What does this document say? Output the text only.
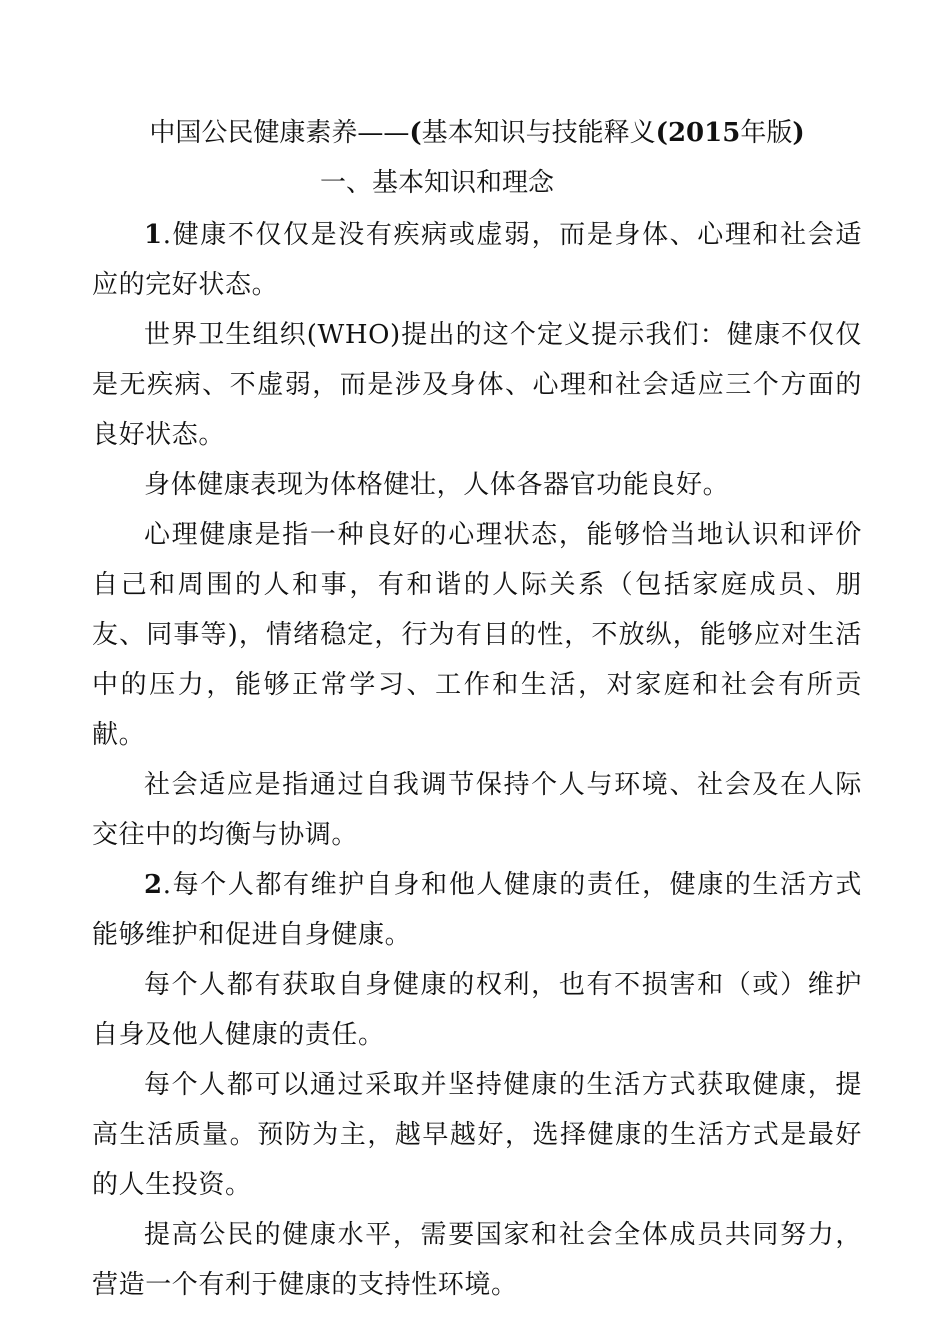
中国公民健康素养——(基本知识与技能释义(2015年版)

一、基本知识和理念

1.健康不仅仅是没有疾病或虚弱，而是身体、心理和社会适应的完好状态。

世界卫生组织(WHO)提出的这个定义提示我们：健康不仅仅是无疾病、不虚弱，而是涉及身体、心理和社会适应三个方面的良好状态。

身体健康表现为体格健壮，人体各器官功能良好。

心理健康是指一种良好的心理状态，能够恰当地认识和评价自己和周围的人和事，有和谐的人际关系（包括家庭成员、朋友、同事等)，情绪稳定，行为有目的性，不放纵，能够应对生活中的压力，能够正常学习、工作和生活，对家庭和社会有所贡献。

社会适应是指通过自我调节保持个人与环境、社会及在人际交往中的均衡与协调。

2.每个人都有维护自身和他人健康的责任，健康的生活方式能够维护和促进自身健康。

每个人都有获取自身健康的权利，也有不损害和（或）维护自身及他人健康的责任。

每个人都可以通过采取并坚持健康的生活方式获取健康，提高生活质量。预防为主，越早越好，选择健康的生活方式是最好的人生投资。

提高公民的健康水平，需要国家和社会全体成员共同努力，营造一个有利于健康的支持性环境。
